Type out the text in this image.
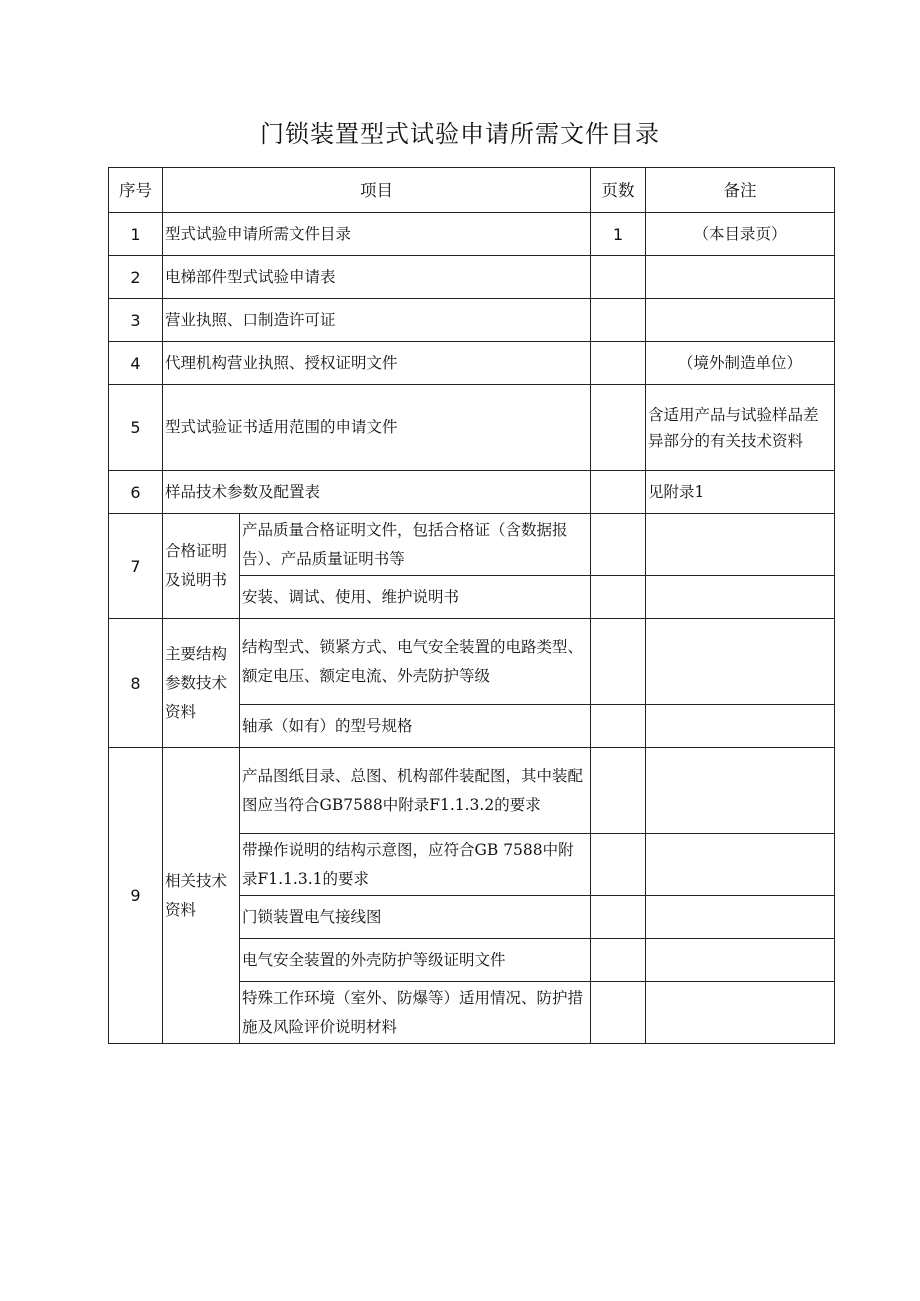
门锁装置型式试验申请所需文件目录
序号	项目		页数	备注
1	型式试验申请所需文件目录		1	（本目录页）
2	电梯部件型式试验申请表			
3	营业执照、口制造许可证			
4	代理机构营业执照、授权证明文件			（境外制造单位）
5	型式试验证书适用范围的申请文件			含适用产品与试验样品差异部分的有关技术资料
6	样品技术参数及配置表			见附录1
7	合格证明及说明书	产品质量合格证明文件，包括合格证（含数据报告）、产品质量证明书等		
		安装、调试、使用、维护说明书		
8	主要结构参数技术资料	结构型式、锁紧方式、电气安全装置的电路类型、额定电压、额定电流、外壳防护等级		
		轴承（如有）的型号规格		
9	相关技术资料	产品图纸目录、总图、机构部件装配图，其中装配图应当符合GB7588中附录F1.1.3.2的要求		
		带操作说明的结构示意图，应符合GB 7588中附录F1.1.3.1的要求		
		门锁装置电气接线图		
		电气安全装置的外壳防护等级证明文件		
		特殊工作环境（室外、防爆等）适用情况、防护措施及风险评价说明材料		
